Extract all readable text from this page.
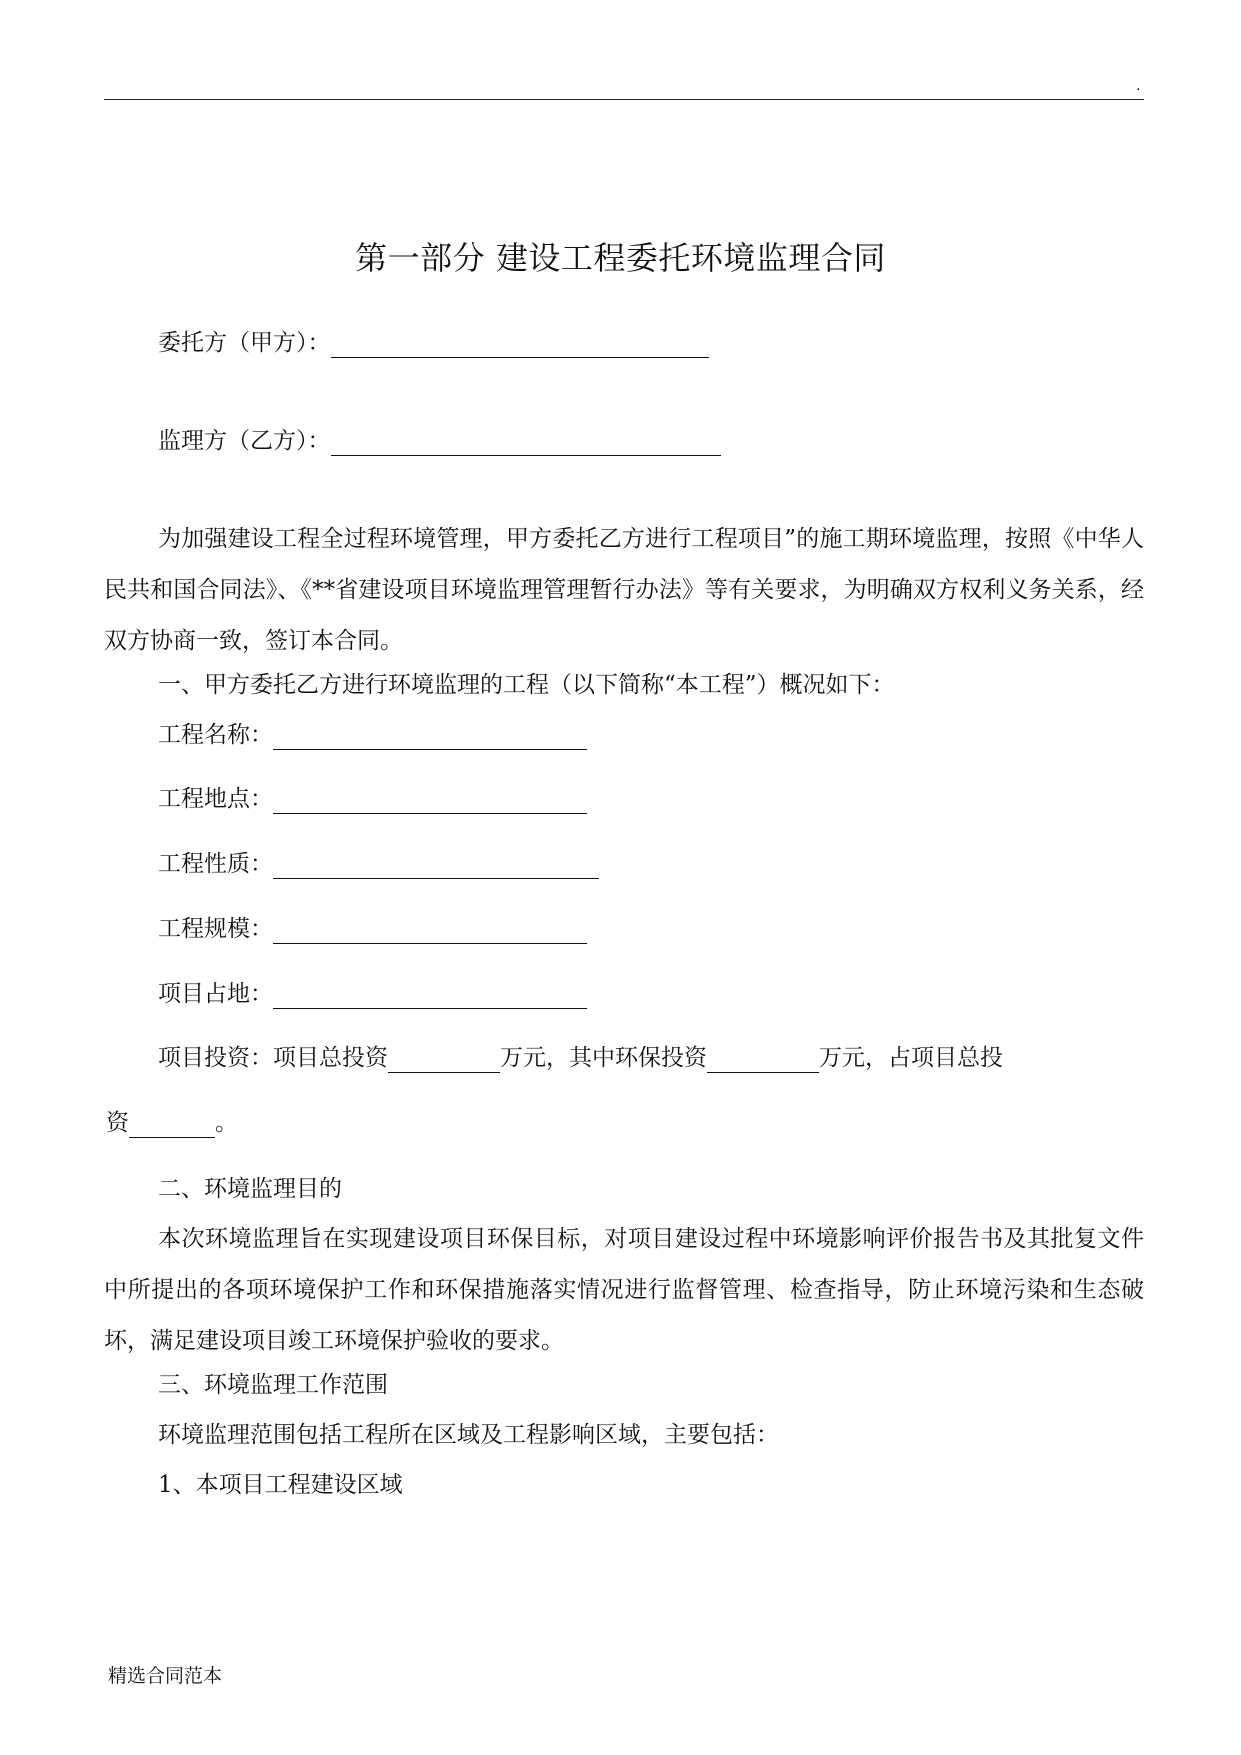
.
第一部分 建设工程委托环境监理合同
委托方（甲方）：
监理方（乙方）：
为加强建设工程全过程环境管理，甲方委托乙方进行工程项目”的施工期环境监理，按照《中华人民共和国合同法》、《**省建设项目环境监理管理暂行办法》等有关要求，为明确双方权利义务关系，经双方协商一致，签订本合同。
一、甲方委托乙方进行环境监理的工程（以下简称“本工程”）概况如下：
工程名称：
工程地点：
工程性质：
工程规模：
项目占地：
项目投资：项目总投资	万元，其中环保投资	万元，占项目总投
资	。
二、环境监理目的
本次环境监理旨在实现建设项目环保目标，对项目建设过程中环境影响评价报告书及其批复文件中所提出的各项环境保护工作和环保措施落实情况进行监督管理、检查指导，防止环境污染和生态破坏，满足建设项目竣工环境保护验收的要求。
三、环境监理工作范围
环境监理范围包括工程所在区域及工程影响区域，主要包括：
1、本项目工程建设区域
精选合同范本
